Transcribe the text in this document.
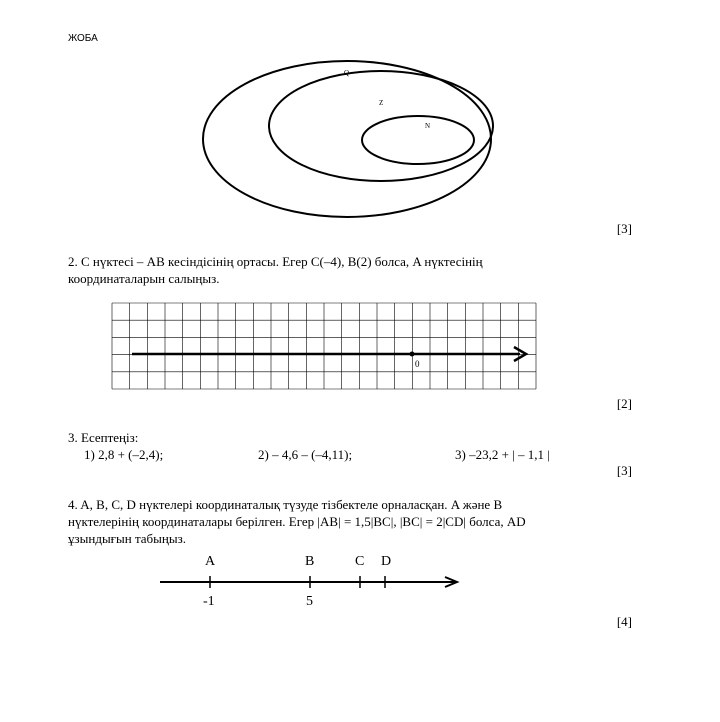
ЖОБА
Q
Z
N
[3]
2. C нүктесі – AB кесіндісінің ортасы. Егер C(–4), B(2) болса, A нүктесінің
координаталарын салыңыз.
0
[2]
3. Есептеңіз:
1) 2,8 + (–2,4);	2) – 4,6 – (–4,11);	3) –23,2 + | – 1,1 |
[3]
4. A, B, C, D нүктелері координаталық түзуде тізбектеле орналасқан. A және B
нүктелерінің координаталары берілген. Егер |AB| = 1,5|BC|, |BC| = 2|CD| болса, AD
ұзындығын табыңыз.
A	B	C D
-1	5
[4]
